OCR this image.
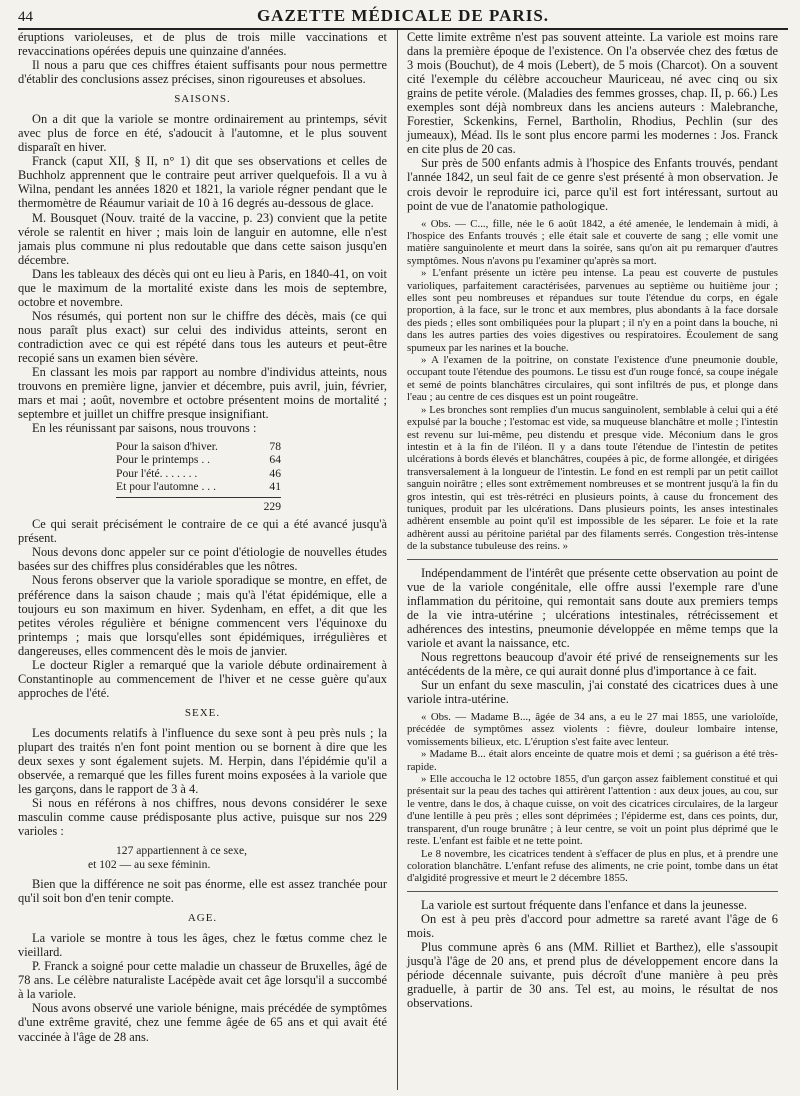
44	GAZETTE MÉDICALE DE PARIS.

éruptions varioleuses, et de plus de trois mille vaccinations et revaccinations opérées depuis une quinzaine d'années.

Il nous a paru que ces chiffres étaient suffisants pour nous permettre d'établir des conclusions assez précises, sinon rigoureuses et absolues.

SAISONS.

On a dit que la variole se montre ordinairement au printemps, sévit avec plus de force en été, s'adoucit à l'automne, et le plus souvent disparaît en hiver.

Franck (caput XII, § II, n° 1) dit que ses observations et celles de Buchholz apprennent que le contraire peut arriver quelquefois. Il a vu à Wilna, pendant les années 1820 et 1821, la variole régner pendant que le thermomètre de Réaumur variait de 10 à 16 degrés au-dessous de glace.

M. Bousquet (Nouv. traité de la vaccine, p. 23) convient que la petite vérole se ralentit en hiver ; mais loin de languir en automne, elle n'est jamais plus commune ni plus redoutable que dans cette saison jusqu'en décembre.

Dans les tableaux des décès qui ont eu lieu à Paris, en 1840-41, on voit que le maximum de la mortalité existe dans les mois de septembre, octobre et novembre.

Nos résumés, qui portent non sur le chiffre des décès, mais (ce qui nous paraît plus exact) sur celui des individus atteints, seront en contradiction avec ce qui est répété dans tous les auteurs et peut-être recopié sans un examen bien sévère.

En classant les mois par rapport au nombre d'individus atteints, nous trouvons en première ligne, janvier et décembre, puis avril, juin, février, mars et mai ; août, novembre et octobre présentent moins de mortalité ; septembre et juillet un chiffre presque insignifiant.

En les réunissant par saisons, nous trouvons :

Pour la saison d'hiver.	78
Pour le printemps . .	64
Pour l'été. . . . . . .	46
Et pour l'automne . . .	41
229

Ce qui serait précisément le contraire de ce qui a été avancé jusqu'à présent.

Nous devons donc appeler sur ce point d'étiologie de nouvelles études basées sur des chiffres plus considérables que les nôtres.

Nous ferons observer que la variole sporadique se montre, en effet, de préférence dans la saison chaude ; mais qu'à l'état épidémique, elle a toujours eu son maximum en hiver. Sydenham, en effet, a dit que les petites véroles régulière et bénigne commencent vers l'équinoxe du printemps ; mais que lorsqu'elles sont épidémiques, irrégulières et dangereuses, elles commencent dès le mois de janvier.

Le docteur Rigler a remarqué que la variole débute ordinairement à Constantinople au commencement de l'hiver et ne cesse guère qu'aux approches de l'été.

SEXE.

Les documents relatifs à l'influence du sexe sont à peu près nuls ; la plupart des traités n'en font point mention ou se bornent à dire que les deux sexes y sont également sujets. M. Herpin, dans l'épidémie qu'il a observée, a remarqué que les filles furent moins exposées à la variole que les garçons, dans le rapport de 3 à 4.

Si nous en référons à nos chiffres, nous devons considérer le sexe masculin comme cause prédisposante plus active, puisque sur nos 229 varioles :

127 appartiennent à ce sexe,
et 102 — au sexe féminin.

Bien que la différence ne soit pas énorme, elle est assez tranchée pour qu'il soit bon d'en tenir compte.

AGE.

La variole se montre à tous les âges, chez le fœtus comme chez le vieillard.

P. Franck a soigné pour cette maladie un chasseur de Bruxelles, âgé de 78 ans. Le célèbre naturaliste Lacépède avait cet âge lorsqu'il a succombé à la variole.

Nous avons observé une variole bénigne, mais précédée de symptômes d'une extrême gravité, chez une femme âgée de 65 ans et qui avait été vaccinée à l'âge de 28 ans.

Cette limite extrême n'est pas souvent atteinte. La variole est moins rare dans la première époque de l'existence. On l'a observée chez des fœtus de 3 mois (Bouchut), de 4 mois (Lebert), de 5 mois (Charcot). On a souvent cité l'exemple du célèbre accoucheur Mauriceau, né avec cinq ou six grains de petite vérole. (Maladies des femmes grosses, chap. II, p. 66.) Les exemples sont déjà nombreux dans les anciens auteurs : Malebranche, Forestier, Sckenkins, Fernel, Bartholin, Rhodius, Pechlin (sur des jumeaux), Méad. Ils le sont plus encore parmi les modernes : Jos. Franck en cite plus de 20 cas.

Sur près de 500 enfants admis à l'hospice des Enfants trouvés, pendant l'année 1842, un seul fait de ce genre s'est présenté à mon observation. Je crois devoir le reproduire ici, parce qu'il est fort intéressant, surtout au point de vue de l'anatomie pathologique.

« Obs. — C..., fille, née le 6 août 1842, a été amenée, le lendemain à midi, à l'hospice des Enfants trouvés ; elle était sale et couverte de sang ; elle vomit une matière sanguinolente et meurt dans la soirée, sans qu'on ait pu remarquer d'autres symptômes. Nous n'avons pu l'examiner qu'après sa mort.

» L'enfant présente un ictère peu intense. La peau est couverte de pustules varioliques, parfaitement caractérisées, parvenues au septième ou huitième jour ; elles sont peu nombreuses et répandues sur toute l'étendue du corps, en égale proportion, à la face, sur le tronc et aux membres, plus abondants à la face dorsale des pieds ; elles sont ombiliquées pour la plupart ; il n'y en a point dans la bouche, ni dans les autres parties des voies digestives ou respiratoires. Écoulement de sang spumeux par les narines et la bouche.

» A l'examen de la poitrine, on constate l'existence d'une pneumonie double, occupant toute l'étendue des poumons. Le tissu est d'un rouge foncé, sa coupe inégale et semé de points blanchâtres circulaires, qui sont infiltrés de pus, et plonge dans l'eau ; au centre de ces disques est un point rougeâtre.

» Les bronches sont remplies d'un mucus sanguinolent, semblable à celui qui a été expulsé par la bouche ; l'estomac est vide, sa muqueuse blanchâtre et molle ; l'intestin est revenu sur lui-même, peu distendu et presque vide. Méconium dans le gros intestin et à la fin de l'iléon. Il y a dans toute l'étendue de l'intestin de petites ulcérations à bords élevés et blanchâtres, coupées à pic, de forme allongée, et dirigées transversalement à la longueur de l'intestin. Le fond en est rempli par un petit caillot sanguin noirâtre ; elles sont extrêmement nombreuses et se montrent jusqu'à la fin du gros intestin, qui est très-rétréci en plusieurs points, à cause du froncement des tuniques, produit par les ulcérations. Dans plusieurs points, les anses intestinales adhèrent ensemble au point qu'il est impossible de les séparer. Le foie et la rate adhèrent aussi au péritoine pariétal par des filaments serrés. Congestion très-intense de la substance tubuleuse des reins. »

Indépendamment de l'intérêt que présente cette observation au point de vue de la variole congénitale, elle offre aussi l'exemple rare d'une inflammation du péritoine, qui remontait sans doute aux premiers temps de la vie intra-utérine ; ulcérations intestinales, rétrécissement et adhérences des intestins, pneumonie développée en même temps que la variole et avant la naissance, etc.

Nous regrettons beaucoup d'avoir été privé de renseignements sur les antécédents de la mère, ce qui aurait donné plus d'importance à ce fait.

Sur un enfant du sexe masculin, j'ai constaté des cicatrices dues à une variole intra-utérine.

« Obs. — Madame B..., âgée de 34 ans, a eu le 27 mai 1855, une varioloïde, précédée de symptômes assez violents : fièvre, douleur lombaire intense, vomissements bilieux, etc. L'éruption s'est faite avec lenteur.

» Madame B... était alors enceinte de quatre mois et demi ; sa guérison a été très-rapide.

» Elle accoucha le 12 octobre 1855, d'un garçon assez faiblement constitué et qui présentait sur la peau des taches qui attirèrent l'attention : aux deux joues, au cou, sur le ventre, dans le dos, à chaque cuisse, on voit des cicatrices circulaires, de la largeur d'une lentille à peu près ; elles sont déprimées ; l'épiderme est, dans ces points, dur, transparent, d'un rouge brunâtre ; à leur centre, se voit un point plus déprimé que le reste. L'enfant est faible et ne tette point.

Le 8 novembre, les cicatrices tendent à s'effacer de plus en plus, et à prendre une coloration blanchâtre. L'enfant refuse des aliments, ne crie point, tombe dans un état d'algidité progressive et meurt le 2 décembre 1855.

La variole est surtout fréquente dans l'enfance et dans la jeunesse.

On est à peu près d'accord pour admettre sa rareté avant l'âge de 6 mois.

Plus commune après 6 ans (MM. Rilliet et Barthez), elle s'assoupit jusqu'à l'âge de 20 ans, et prend plus de développement encore dans la période décennale suivante, puis décroît d'une manière à peu près graduelle, à partir de 30 ans. Tel est, au moins, le résultat de nos observations.
